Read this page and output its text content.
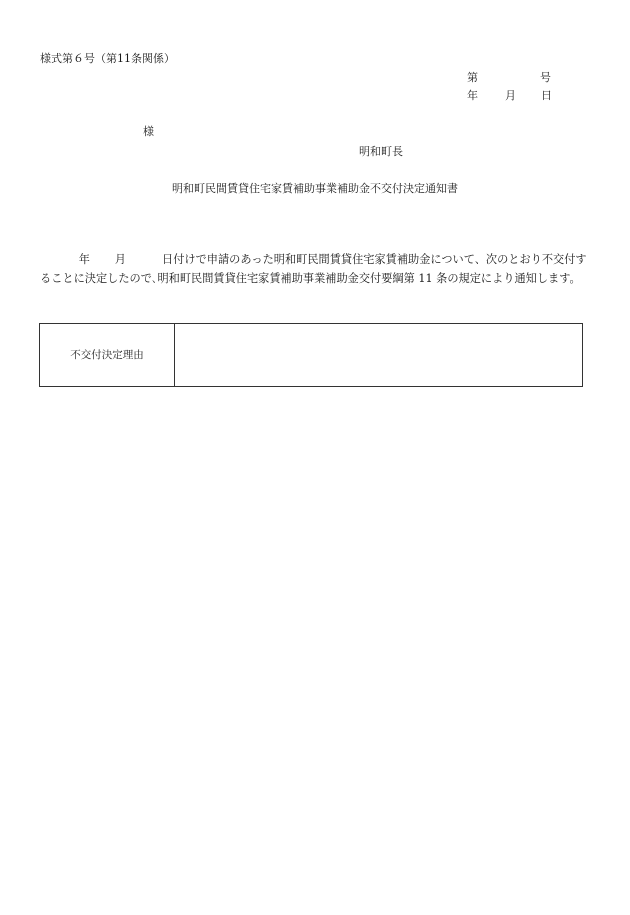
様式第６号（第11条関係）
第	号
年 月 日
様
明和町長
明和町民間賃貸住宅家賃補助事業補助金不交付決定通知書
年 月	日付けで申請のあった明和町民間賃貸住宅家賃補助金について、次のとおり不交付することに決定したので､明和町民間賃貸住宅家賃補助事業補助金交付要綱第 11 条の規定により通知します。
不交付決定理由	
